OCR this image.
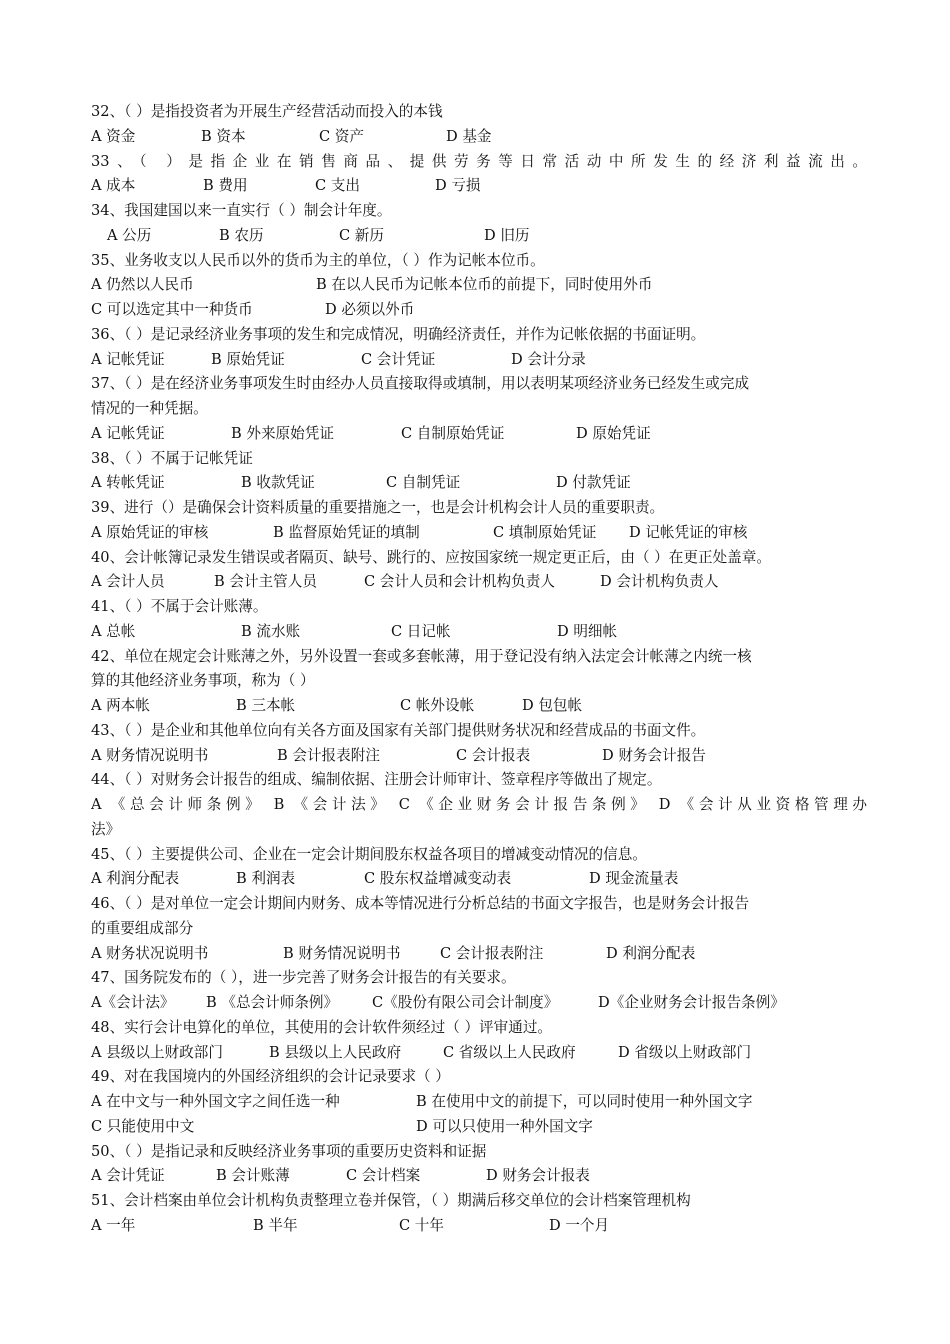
32、（ ）是指投资者为开展生产经营活动而投入的本钱
A 资金	B 资本	C 资产	D 基金
33、（ ）是指企业在销售商品、提供劳务等日常活动中所发生的经济利益流出。
A 成本	B 费用	C 支出	D 亏损
34、我国建国以来一直实行（ ）制会计年度。
A 公历	B 农历	C 新历	D 旧历
35、业务收支以人民币以外的货币为主的单位，（ ）作为记帐本位币。
A 仍然以人民币	B 在以人民币为记帐本位币的前提下，同时使用外币
C 可以选定其中一种货币	D 必须以外币
36、（ ）是记录经济业务事项的发生和完成情况，明确经济责任，并作为记帐依据的书面证明。
A 记帐凭证	B 原始凭证	C 会计凭证	D 会计分录
37、（ ）是在经济业务事项发生时由经办人员直接取得或填制，用以表明某项经济业务已经发生或完成
情况的一种凭据。
A 记帐凭证	B 外来原始凭证	C 自制原始凭证	D 原始凭证
38、（ ）不属于记帐凭证
A 转帐凭证	B 收款凭证	C 自制凭证	D 付款凭证
39、进行（）是确保会计资料质量的重要措施之一，也是会计机构会计人员的重要职责。
A 原始凭证的审核	B 监督原始凭证的填制	C 填制原始凭证 D 记帐凭证的审核
40、会计帐簿记录发生错误或者隔页、缺号、跳行的、应按国家统一规定更正后，由（ ）在更正处盖章。
A 会计人员	B 会计主管人员	C 会计人员和会计机构负责人	D 会计机构负责人
41、（ ）不属于会计账薄。
A 总帐	B 流水账	C 日记帐	D 明细帐
42、单位在规定会计账薄之外，另外设置一套或多套帐薄，用于登记没有纳入法定会计帐薄之内统一核
算的其他经济业务事项，称为（ ）
A 两本帐	B 三本帐	C 帐外设帐	D 包包帐
43、（ ）是企业和其他单位向有关各方面及国家有关部门提供财务状况和经营成品的书面文件。
A 财务情况说明书	B 会计报表附注	C 会计报表	D 财务会计报告
44、（ ）对财务会计报告的组成、编制依据、注册会计师审计、签章程序等做出了规定。
A 《总会计师条例》 B 《会计法》 C 《企业财务会计报告条例》 D 《会计从业资格管理办
法》
45、（ ）主要提供公司、企业在一定会计期间股东权益各项目的增减变动情况的信息。
A 利润分配表	B 利润表	C 股东权益增减变动表	D 现金流量表
46、（ ）是对单位一定会计期间内财务、成本等情况进行分析总结的书面文字报告，也是财务会计报告
的重要组成部分
A 财务状况说明书	B 财务情况说明书	C 会计报表附注	D 利润分配表
47、国务院发布的（ ），进一步完善了财务会计报告的有关要求。
A《会计法》 B 《总会计师条例》 C《股份有限公司会计制度》	D《企业财务会计报告条例》
48、实行会计电算化的单位，其使用的会计软件须经过（ ）评审通过。
A 县级以上财政部门	B 县级以上人民政府	C 省级以上人民政府	D 省级以上财政部门
49、对在我国境内的外国经济组织的会计记录要求（ ）
A 在中文与一种外国文字之间任选一种	B 在使用中文的前提下，可以同时使用一种外国文字
C 只能使用中文	D 可以只使用一种外国文字
50、（ ）是指记录和反映经济业务事项的重要历史资料和证据
A 会计凭证	B 会计账薄	C 会计档案	D 财务会计报表
51、会计档案由单位会计机构负责整理立卷并保管，（ ）期满后移交单位的会计档案管理机构
A 一年	B 半年	C 十年	D 一个月
